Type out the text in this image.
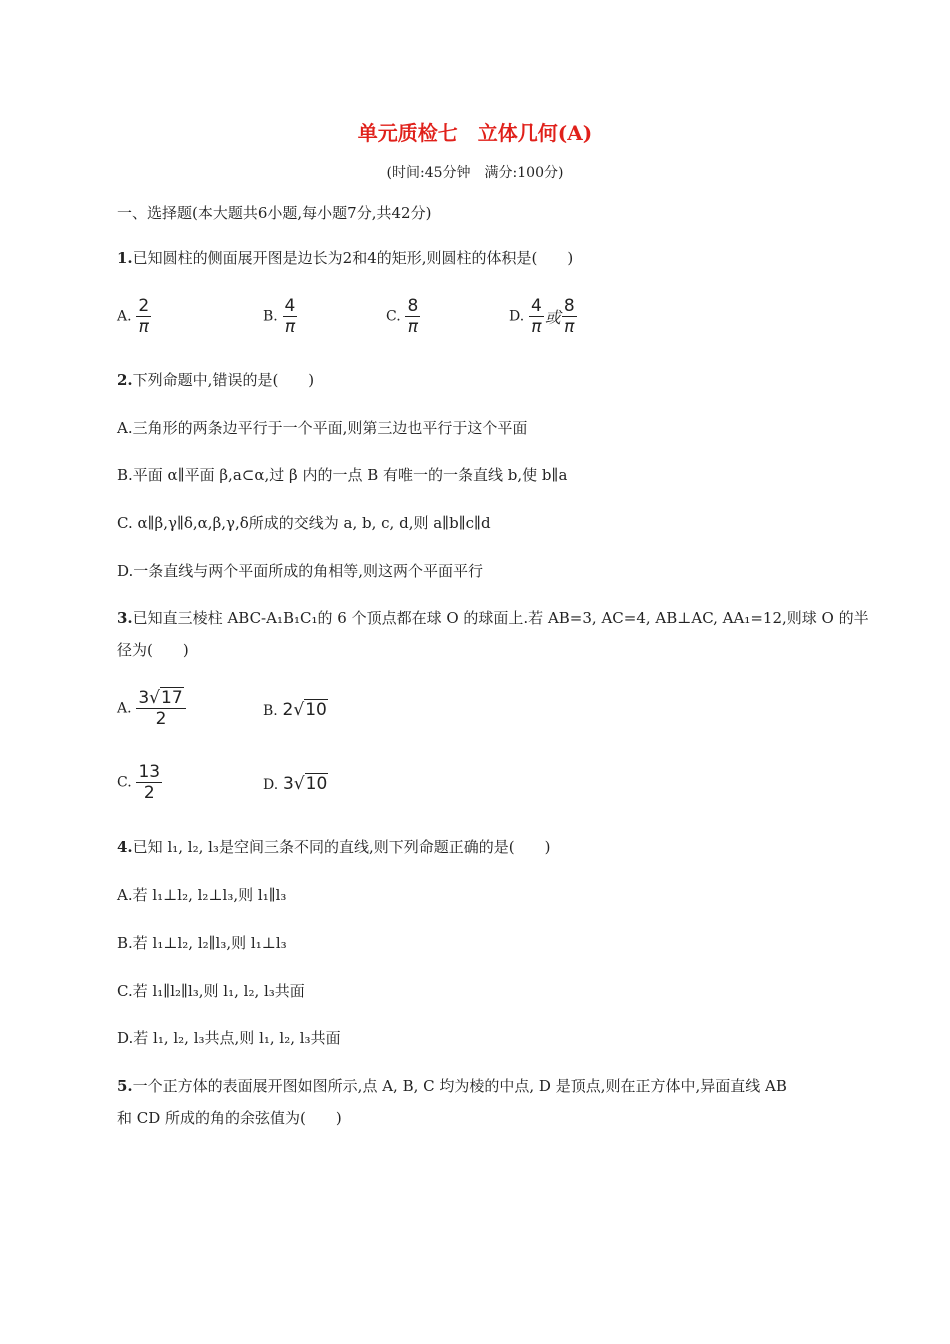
单元质检七　立体几何(A)
(时间:45分钟　满分:100分)
一、选择题(本大题共6小题,每小题7分,共42分)
1.已知圆柱的侧面展开图是边长为2和4的矩形,则圆柱的体积是(　　)
A. $\frac{2}{\pi}$	B. $\frac{4}{\pi}$	C. $\frac{8}{\pi}$	D. $\frac{4}{\pi}$ 或 $\frac{8}{\pi}$
2.下列命题中,错误的是(　　)
A.三角形的两条边平行于一个平面,则第三边也平行于这个平面
B.平面 α∥平面 β,a⊂α,过 β 内的一点 B 有唯一的一条直线 b,使 b∥a
C. α∥β,γ∥δ,α,β,γ,δ所成的交线为 a, b, c, d,则 a∥b∥c∥d
D.一条直线与两个平面所成的角相等,则这两个平面平行
3.已知直三棱柱 ABC-A₁B₁C₁的 6 个顶点都在球 O 的球面上.若 AB=3, AC=4, AB⊥AC, AA₁=12,则球 O 的半
径为(　　)
A. $\frac{3√17}{2}$	B. 2√10
C. $\frac{13}{2}$	D. 3√10
4.已知 l₁, l₂, l₃是空间三条不同的直线,则下列命题正确的是(　　)
A.若 l₁⊥l₂, l₂⊥l₃,则 l₁∥l₃
B.若 l₁⊥l₂, l₂∥l₃,则 l₁⊥l₃
C.若 l₁∥l₂∥l₃,则 l₁, l₂, l₃共面
D.若 l₁, l₂, l₃共点,则 l₁, l₂, l₃共面
5.一个正方体的表面展开图如图所示,点 A, B, C 均为棱的中点, D 是顶点,则在正方体中,异面直线 AB
和 CD 所成的角的余弦值为(　　)
